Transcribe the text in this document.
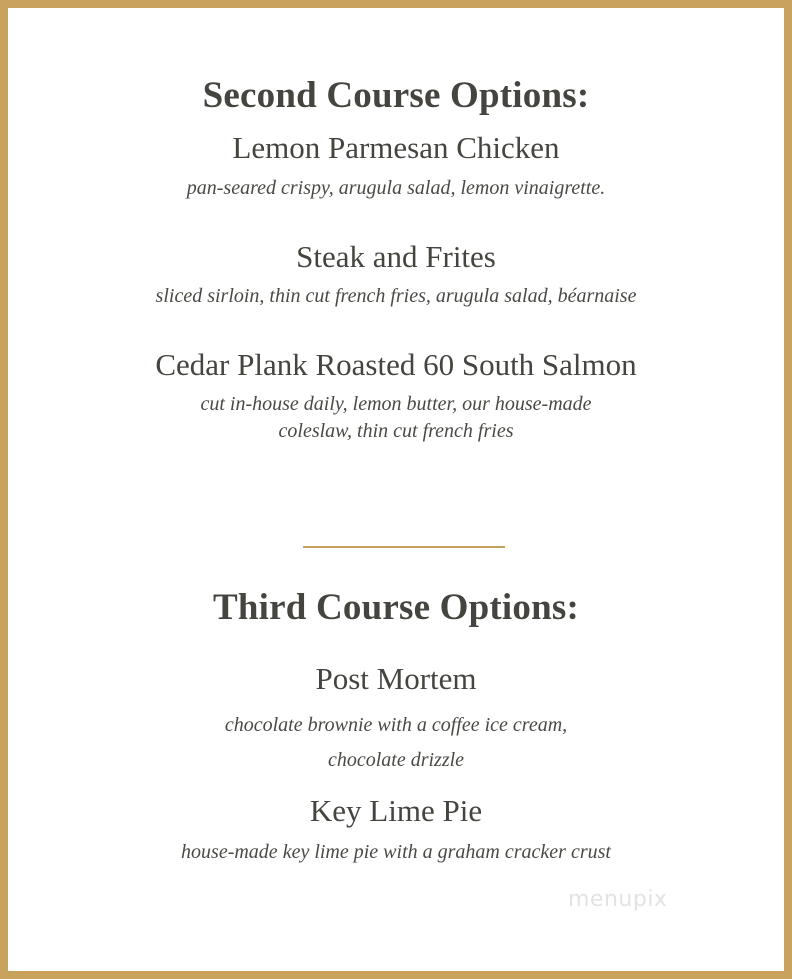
Second Course Options:
Lemon Parmesan Chicken

pan-seared crispy, arugula salad, lemon vinaigrette.

Steak and Frites

sliced sirloin, thin cut french fries, arugula salad, béarnaise

Cedar Plank Roasted 60 South Salmon

cut in-house daily, lemon butter, our house-made
coleslaw, thin cut french fries

Third Course Options:
Post Mortem

chocolate brownie with a coffee ice cream,
chocolate drizzle

Key Lime Pie

house-made key lime pie with a graham cracker crust

menupix
